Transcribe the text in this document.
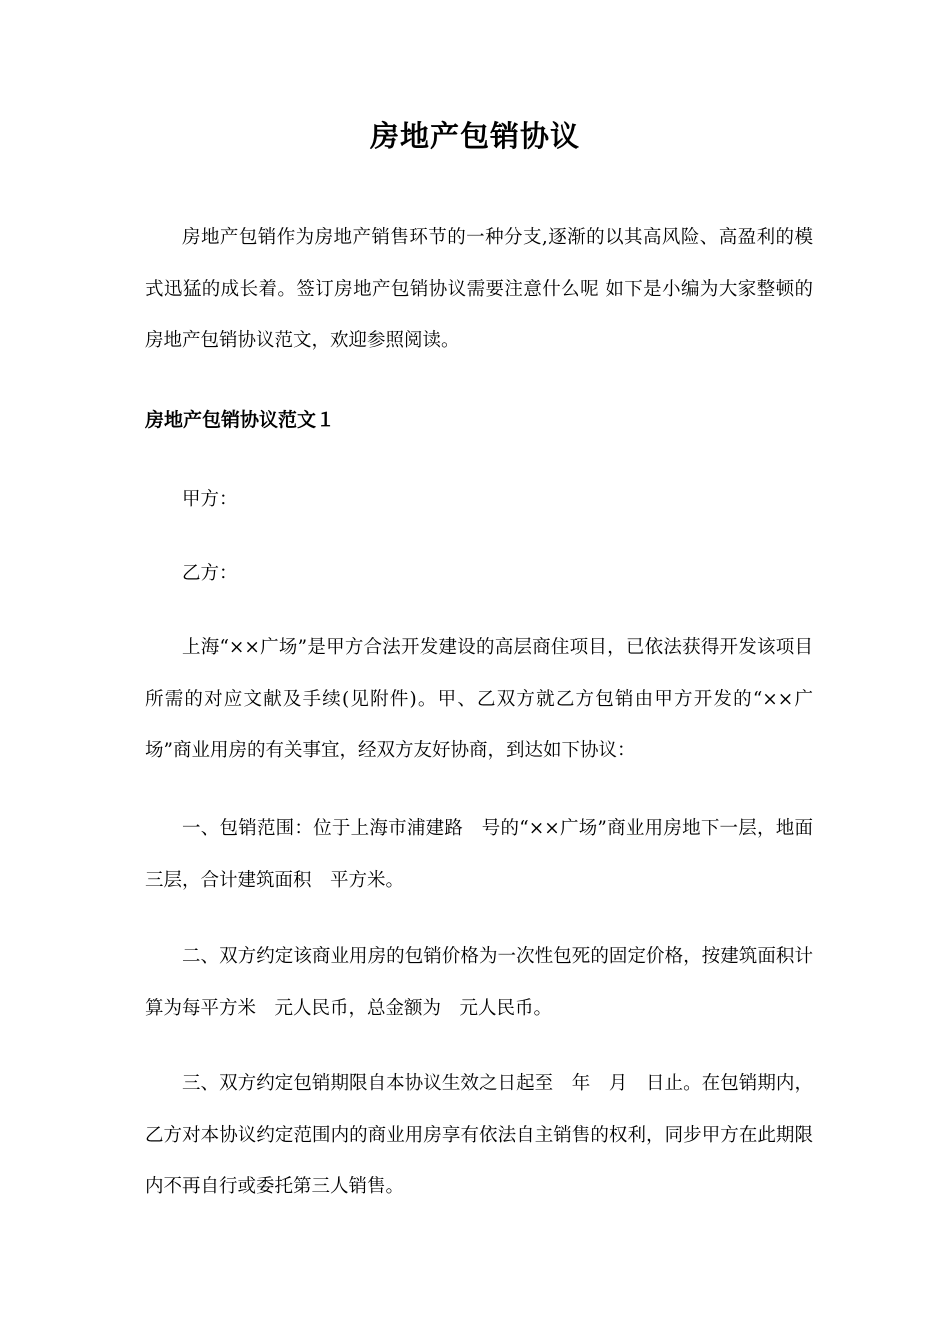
房地产包销协议

房地产包销作为房地产销售环节的一种分支,逐渐的以其高风险、高盈利的模式迅猛的成长着。签订房地产包销协议需要注意什么呢 如下是小编为大家整顿的房地产包销协议范文，欢迎参照阅读。

房地产包销协议范文１

甲方：

乙方：

上海“××广场”是甲方合法开发建设的高层商住项目，已依法获得开发该项目所需的对应文献及手续(见附件)。甲、乙双方就乙方包销由甲方开发的“××广场”商业用房的有关事宜，经双方友好协商，到达如下协议：

一、包销范围：位于上海市浦建路　号的“××广场”商业用房地下一层，地面三层，合计建筑面积　平方米。

二、双方约定该商业用房的包销价格为一次性包死的固定价格，按建筑面积计算为每平方米　元人民币，总金额为　元人民币。

三、双方约定包销期限自本协议生效之日起至　年　月　日止。在包销期内，乙方对本协议约定范围内的商业用房享有依法自主销售的权利，同步甲方在此期限内不再自行或委托第三人销售。
